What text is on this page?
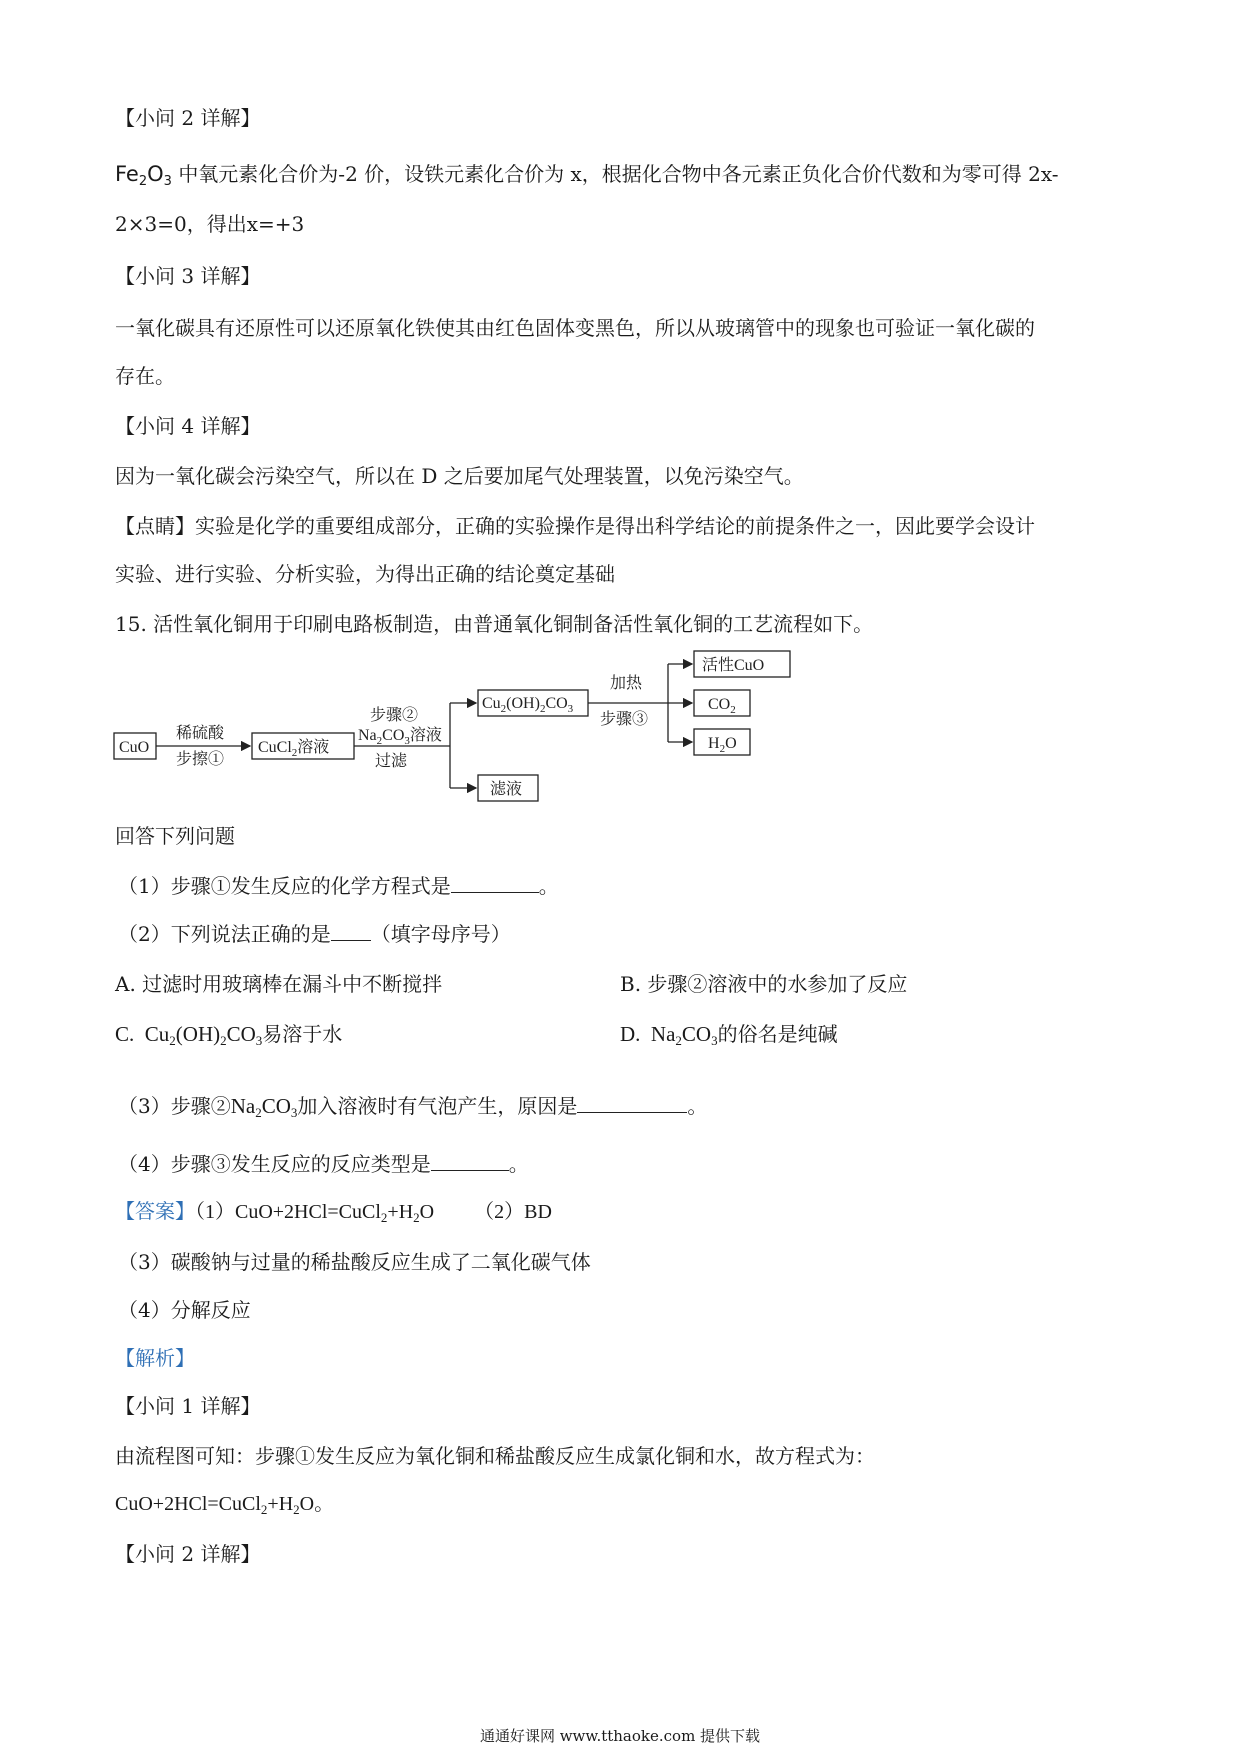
【小问 2 详解】
$Fe_2O_3$ 中氧元素化合价为-2 价，设铁元素化合价为 x，根据化合物中各元素正负化合价代数和为零可得 2x-
2×3=0，得出x=+3
【小问 3 详解】
一氧化碳具有还原性可以还原氧化铁使其由红色固体变黑色，所以从玻璃管中的现象也可验证一氧化碳的
存在。
【小问 4 详解】
因为一氧化碳会污染空气，所以在 D 之后要加尾气处理装置，以免污染空气。
【点睛】实验是化学的重要组成部分，正确的实验操作是得出科学结论的前提条件之一，因此要学会设计
实验、进行实验、分析实验，为得出正确的结论奠定基础
15. 活性氧化铜用于印刷电路板制造，由普通氧化铜制备活性氧化铜的工艺流程如下。
CuO
稀硫酸
步擦①
CuCl$_2$溶液
步骤②
$Na_2CO_3$溶液
过滤
$Cu_2(OH)_2CO_3$
滤液
加热
步骤③
活性CuO
$CO_2$
$H_2O$
回答下列问题
（1）步骤①发生反应的化学方程式是	。
（2）下列说法正确的是 （填字母序号）
A. 过滤时用玻璃棒在漏斗中不断搅拌	B. 步骤②溶液中的水参加了反应
C. $Cu_2(OH)_2CO_3$易溶于水	D. $Na_2CO_3$的俗名是纯碱
（3）步骤$②Na_2CO_3$加入溶液时有气泡产生，原因是	。
（4）步骤③发生反应的反应类型是	。
【答案】$(1)CuO+2HCl=CuCl_2+H_2O$ （2）BD
（3）碳酸钠与过量的稀盐酸反应生成了二氧化碳气体
（4）分解反应
【解析】
【小问 1 详解】
由流程图可知：步骤①发生反应为氧化铜和稀盐酸反应生成氯化铜和水，故方程式为：
$CuO+2HCl=CuCl_2+H_2O$。
【小问 2 详解】
通通好课网 www.tthaoke.com 提供下载
